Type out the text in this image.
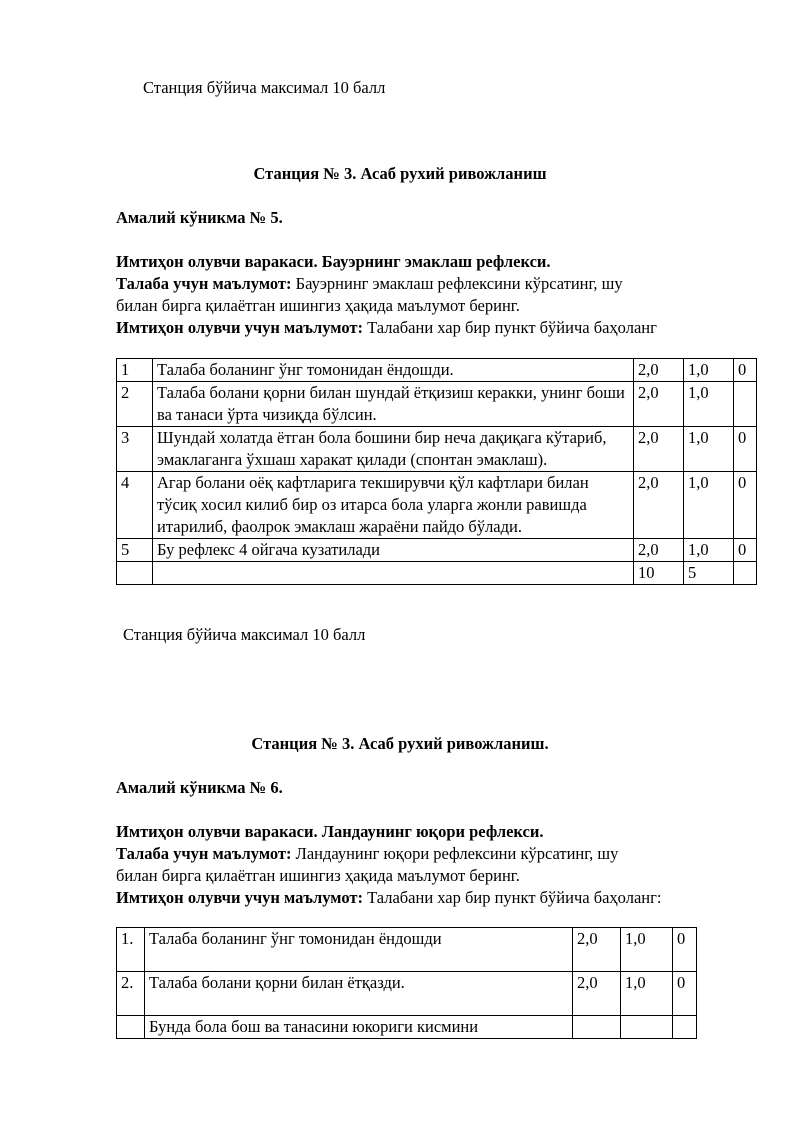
Станция бўйича максимал 10 балл
Станция № 3. Асаб рухий ривожланиш
Амалий кўникма № 5.
Имтиҳон олувчи варакаси. Бауэрнинг эмаклаш рефлекси.
Талаба учун маълумот: Бауэрнинг эмаклаш рефлексини кўрсатинг, шу
билан бирга қилаётган ишингиз ҳақида маълумот беринг.
Имтиҳон олувчи учун маълумот: Талабани хар бир пункт бўйича баҳоланг
1	Талаба боланинг ўнг томонидан ёндошди.	2,0	1,0	0
2	Талаба болани қорни билан шундай ётқизиш керакки, унинг боши ва танаси ўрта чизиқда бўлсин.	2,0	1,0	
3	Шундай холатда ётган бола бошини бир неча дақиқага кўтариб, эмаклаганга ўхшаш харакат қилади (спонтан эмаклаш).	2,0	1,0	0
4	Агар болани оёқ кафтларига текширувчи қўл кафтлари билан тўсиқ хосил килиб бир оз итарса бола уларга жонли равишда итарилиб, фаолрок эмаклаш жараёни пайдо бўлади.	2,0	1,0	0
5	Бу рефлекс 4 ойгача кузатилади	2,0	1,0	0
		10	5	
Станция бўйича максимал 10 балл
Станция № 3. Асаб рухий ривожланиш.
Амалий кўникма № 6.
Имтиҳон олувчи варакаси. Ландаунинг юқори рефлекси.
Талаба учун маълумот: Ландаунинг юқори рефлексини кўрсатинг, шу
билан бирга қилаётган ишингиз ҳақида маълумот беринг.
Имтиҳон олувчи учун маълумот: Талабани хар бир пункт бўйича баҳоланг:
1.	Талаба боланинг ўнг томонидан ёндошди	2,0	1,0	0
2.	Талаба болани қорни билан ётқазди.	2,0	1,0	0
	Бунда бола бош ва танасини юкориги кисмини			
